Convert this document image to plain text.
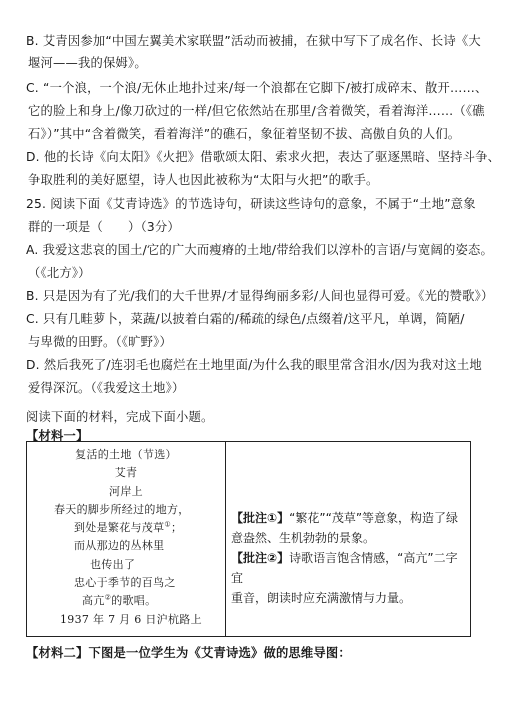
B. 艾青因参加“中国左翼美术家联盟”活动而被捕，在狱中写下了成名作、长诗《大
堰河——我的保姆》。
C. “一个浪，一个浪/无休止地扑过来/每一个浪都在它脚下/被打成碎末、散开……、
它的脸上和身上/像刀砍过的一样/但它依然站在那里/含着微笑，看着海洋……（《礁
石》）”其中“含着微笑，看着海洋”的礁石，象征着坚韧不拔、高傲自负的人们。
D. 他的长诗《向太阳》《火把》借歌颂太阳、索求火把，表达了驱逐黑暗、坚持斗争、
争取胜利的美好愿望，诗人也因此被称为“太阳与火把”的歌手。
25. 阅读下面《艾青诗选》的节选诗句，研读这些诗句的意象，不属于“土地”意象
群的一项是（　　）（3分）
A. 我爱这悲哀的国土/它的广大而瘦瘠的土地/带给我们以淳朴的言语/与宽阔的姿态。
（《北方》）
B. 只是因为有了光/我们的大千世界/才显得绚丽多彩/人间也显得可爱。《光的赞歌》）
C. 只有几畦萝卜，菜蔬/以披着白霜的/稀疏的绿色/点缀着/这平凡，单调，简陋/
与卑微的田野。（《旷野》）
D. 然后我死了/连羽毛也腐烂在土地里面/为什么我的眼里常含泪水/因为我对这土地
爱得深沉。（《我爱这土地》）
阅读下面的材料，完成下面小题。
【材料一】
复活的土地（节选）
艾青
河岸上
春天的脚步所经过的地方，
到处是繁花与茂草①；
而从那边的丛林里
也传出了
忠心于季节的百鸟之
高亢②的歌唱。
1937 年 7 月 6 日沪杭路上

【批注①】“繁花”“茂草”等意象，构造了绿

意盎然、生机勃勃的景象。

【批注②】诗歌语言饱含情感，“高亢”二字宜

重音，朗读时应充满激情与力量。

【材料二】下图是一位学生为《艾青诗选》做的思维导图：
